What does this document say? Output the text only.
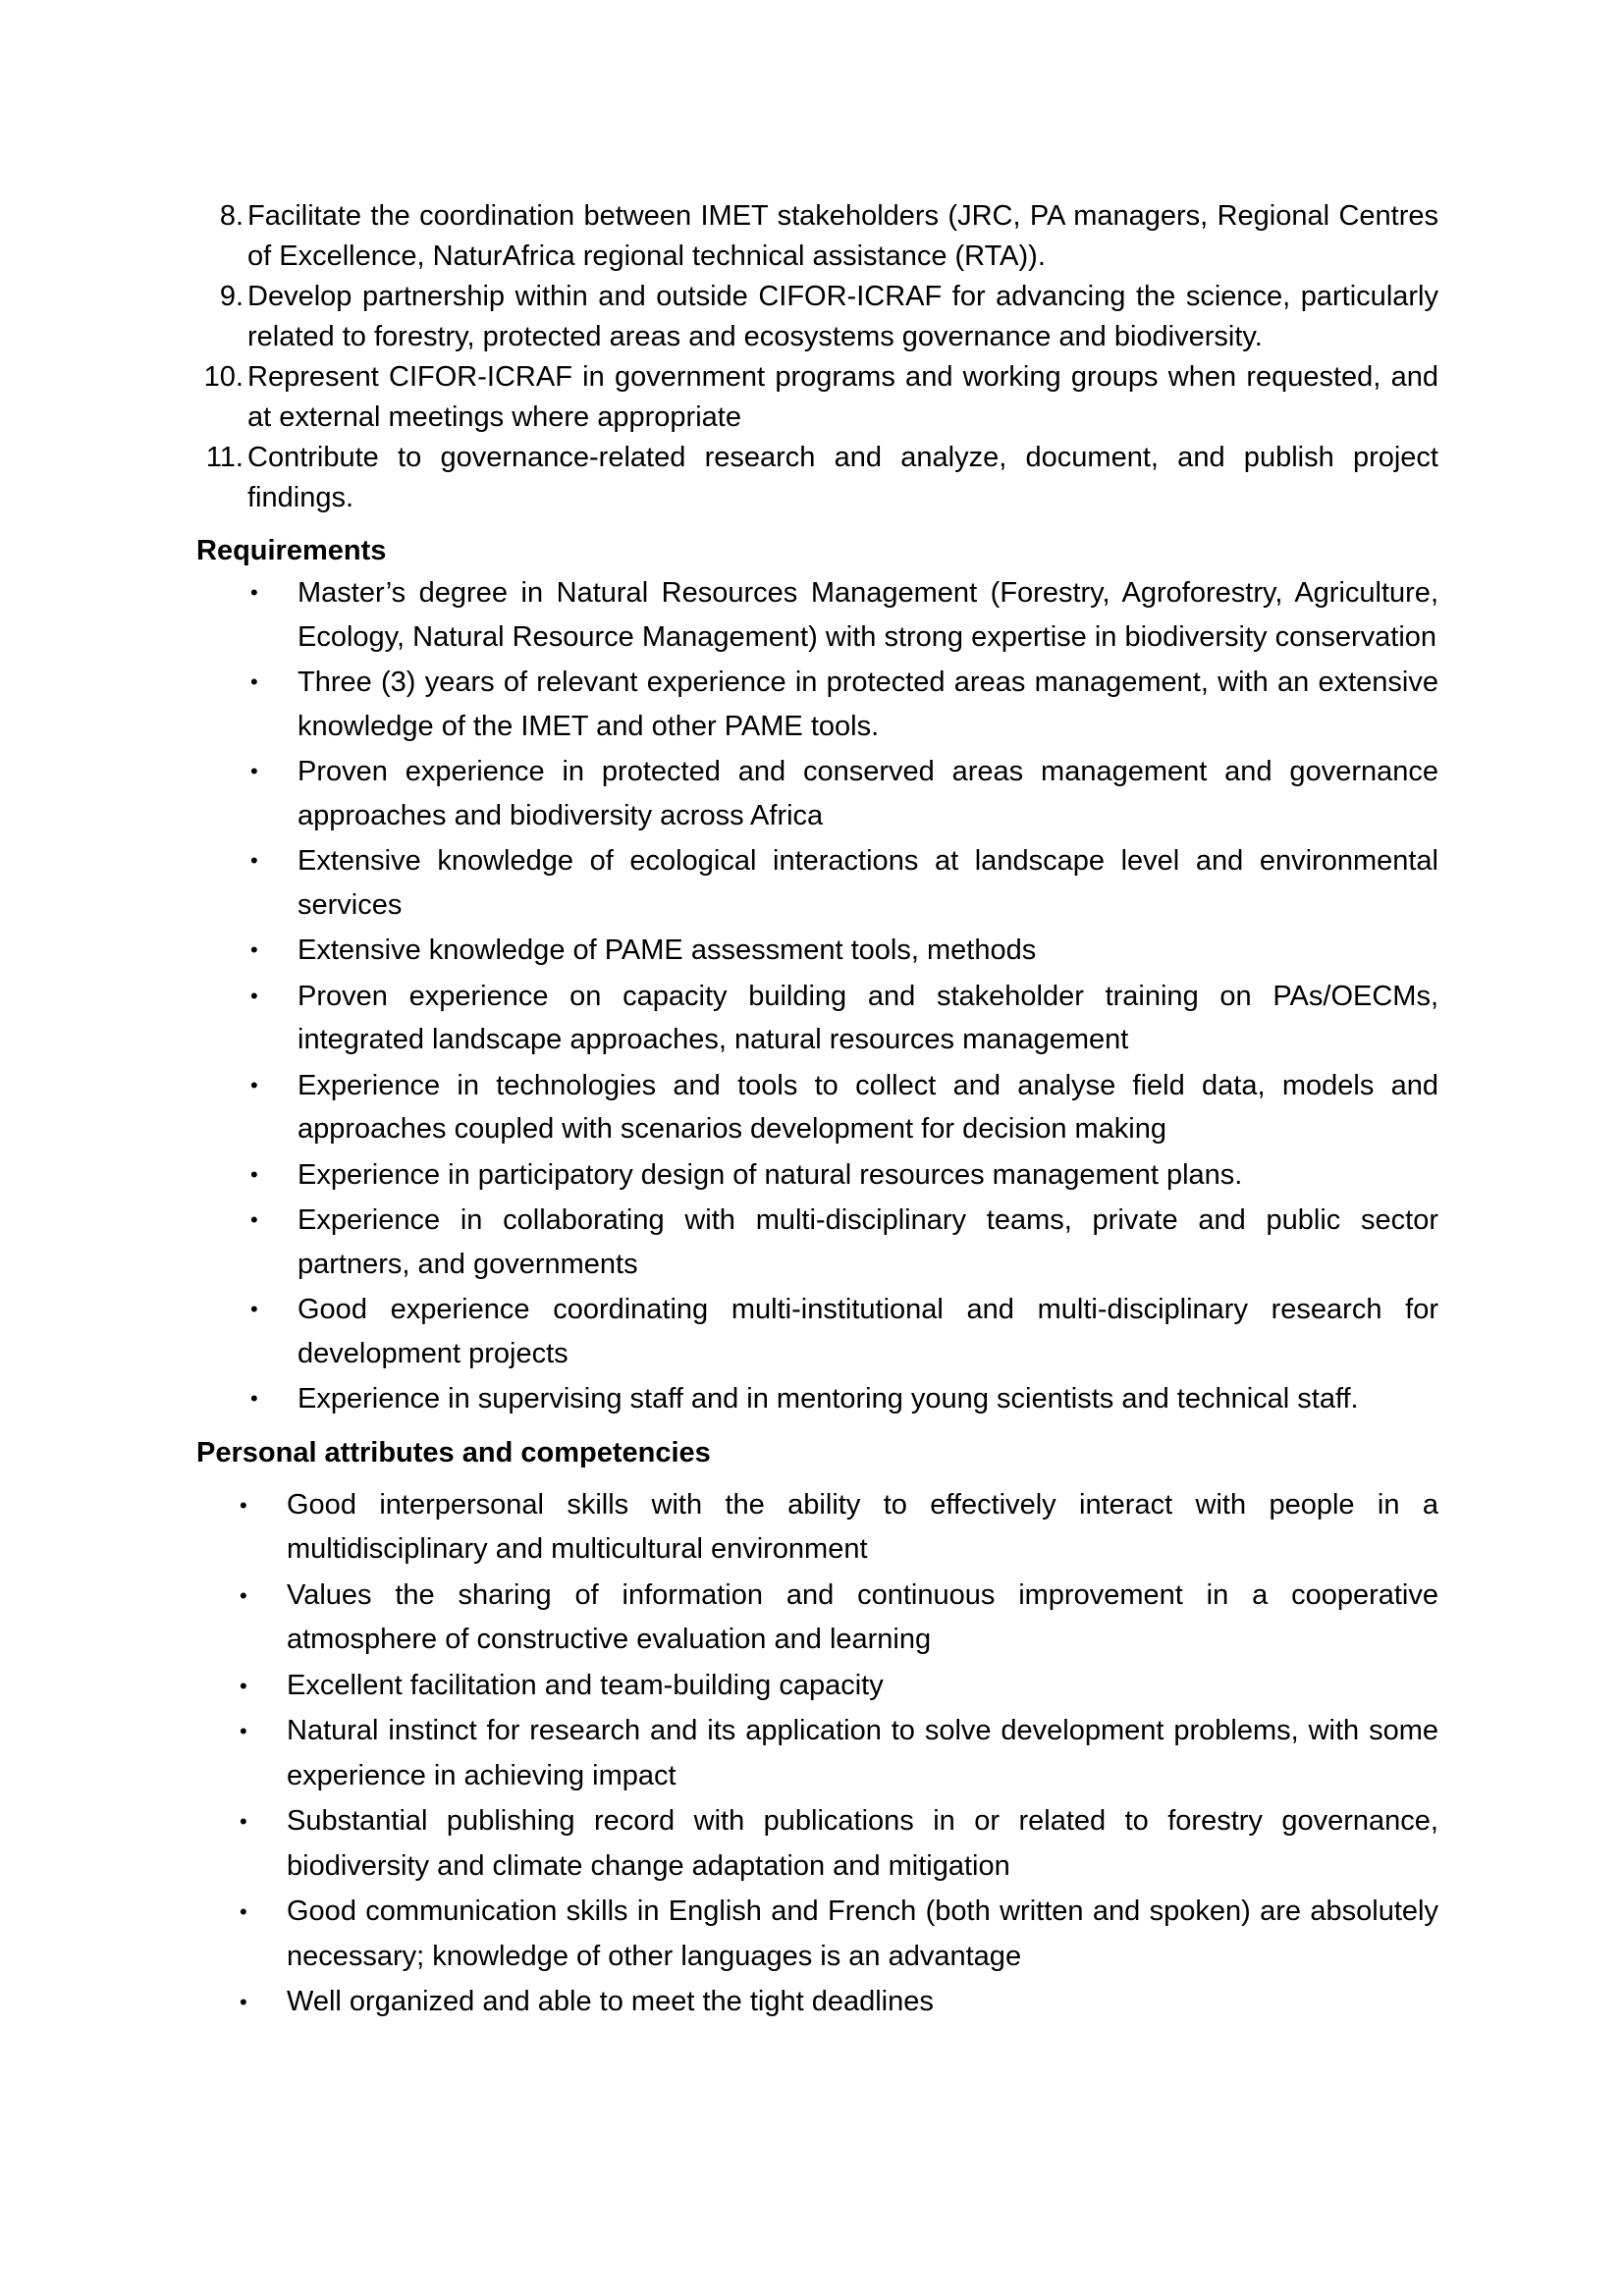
8. Facilitate the coordination between IMET stakeholders (JRC, PA managers, Regional Centres of Excellence, NaturAfrica regional technical assistance (RTA)).
9. Develop partnership within and outside CIFOR-ICRAF for advancing the science, particularly related to forestry, protected areas and ecosystems governance and biodiversity.
10. Represent CIFOR-ICRAF in government programs and working groups when requested, and at external meetings where appropriate
11. Contribute to governance-related research and analyze, document, and publish project findings.
Requirements
• Master’s degree in Natural Resources Management (Forestry, Agroforestry, Agriculture, Ecology, Natural Resource Management) with strong expertise in biodiversity conservation
• Three (3) years of relevant experience in protected areas management, with an extensive knowledge of the IMET and other PAME tools.
• Proven experience in protected and conserved areas management and governance approaches and biodiversity across Africa
• Extensive knowledge of ecological interactions at landscape level and environmental services
• Extensive knowledge of PAME assessment tools, methods
• Proven experience on capacity building and stakeholder training on PAs/OECMs, integrated landscape approaches, natural resources management
• Experience in technologies and tools to collect and analyse field data, models and approaches coupled with scenarios development for decision making
• Experience in participatory design of natural resources management plans.
• Experience in collaborating with multi-disciplinary teams, private and public sector partners, and governments
• Good experience coordinating multi-institutional and multi-disciplinary research for development projects
• Experience in supervising staff and in mentoring young scientists and technical staff.
Personal attributes and competencies
• Good interpersonal skills with the ability to effectively interact with people in a multidisciplinary and multicultural environment
• Values the sharing of information and continuous improvement in a cooperative atmosphere of constructive evaluation and learning
• Excellent facilitation and team-building capacity
• Natural instinct for research and its application to solve development problems, with some experience in achieving impact
• Substantial publishing record with publications in or related to forestry governance, biodiversity and climate change adaptation and mitigation
• Good communication skills in English and French (both written and spoken) are absolutely necessary; knowledge of other languages is an advantage
• Well organized and able to meet the tight deadlines
